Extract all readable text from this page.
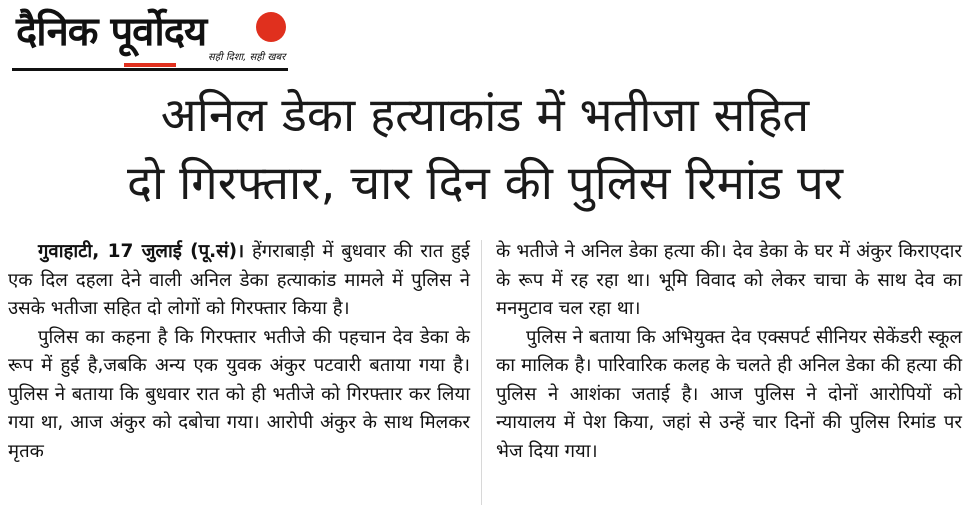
दैनिक पूर्वोदय
सही दिशा, सही खबर
अनिल डेका हत्याकांड में भतीजा सहित
दो गिरफ्तार, चार दिन की पुलिस रिमांड पर

गुवाहाटी, 17 जुलाई (पू.सं)। हेंगराबाड़ी में बुधवार की रात हुई एक दिल दहला देने वाली अनिल डेका हत्याकांड मामले में पुलिस ने उसके भतीजा सहित दो लोगों को गिरफ्तार किया है।

पुलिस का कहना है कि गिरफ्तार भतीजे की पहचान देव डेका के रूप में हुई है,जबकि अन्य एक युवक अंकुर पटवारी बताया गया है। पुलिस ने बताया कि बुधवार रात को ही भतीजे को गिरफ्तार कर लिया गया था, आज अंकुर को दबोचा गया। आरोपी अंकुर के साथ मिलकर मृतक

के भतीजे ने अनिल डेका हत्या की। देव डेका के घर में अंकुर किराएदार के रूप में रह रहा था। भूमि विवाद को लेकर चाचा के साथ देव का मनमुटाव चल रहा था।

पुलिस ने बताया कि अभियुक्त देव एक्सपर्ट सीनियर सेकेंडरी स्कूल का मालिक है। पारिवारिक कलह के चलते ही अनिल डेका की हत्या की पुलिस ने आशंका जताई है। आज पुलिस ने दोनों आरोपियों को न्यायालय में पेश किया, जहां से उन्हें चार दिनों की पुलिस रिमांड पर भेज दिया गया।
